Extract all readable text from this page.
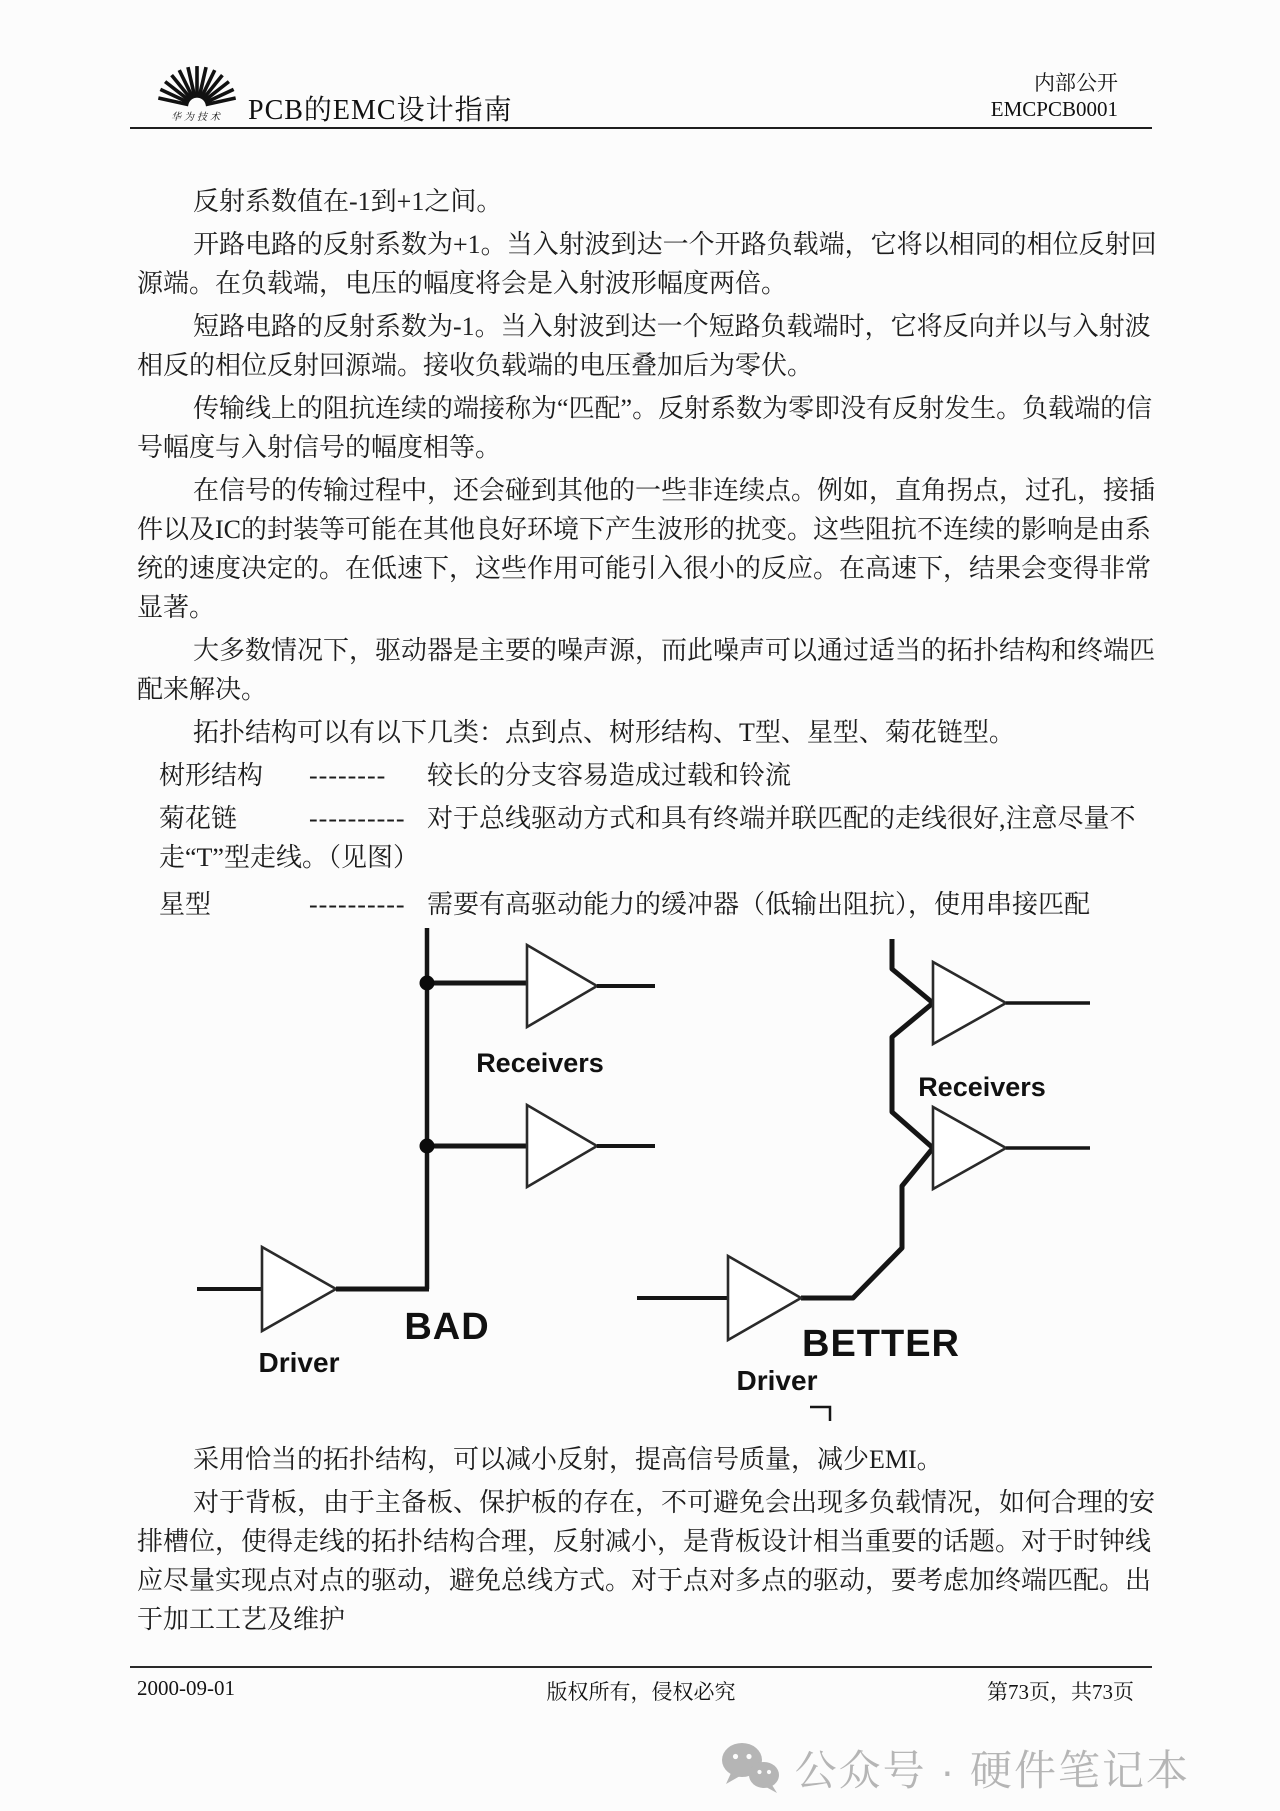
华为技术 PCB的EMC设计指南
内部公开
EMCPCB0001

反射系数值在-1到+1之间。

开路电路的反射系数为+1。当入射波到达一个开路负载端，它将以相同的相位反射回源端。在负载端，电压的幅度将会是入射波形幅度两倍。

短路电路的反射系数为-1。当入射波到达一个短路负载端时，它将反向并以与入射波相反的相位反射回源端。接收负载端的电压叠加后为零伏。

传输线上的阻抗连续的端接称为“匹配”。反射系数为零即没有反射发生。负载端的信号幅度与入射信号的幅度相等。

在信号的传输过程中，还会碰到其他的一些非连续点。例如，直角拐点，过孔，接插件以及IC的封装等可能在其他良好环境下产生波形的扰变。这些阻抗不连续的影响是由系统的速度决定的。在低速下，这些作用可能引入很小的反应。在高速下，结果会变得非常显著。

大多数情况下，驱动器是主要的噪声源，而此噪声可以通过适当的拓扑结构和终端匹配来解决。

拓扑结构可以有以下几类：点到点、树形结构、T型、星型、菊花链型。

树形结构 -------- 较长的分支容易造成过载和铃流

菊花链	---------- 对于总线驱动方式和具有终端并联匹配的走线很好,注意尽量不走“T”型走线。（见图）

星型	---------- 需要有高驱动能力的缓冲器（低输出阻抗），使用串接匹配

Receivers
BAD
Driver
Receivers
BETTER
Driver

采用恰当的拓扑结构，可以减小反射，提高信号质量，减少EMI。

对于背板，由于主备板、保护板的存在，不可避免会出现多负载情况，如何合理的安排槽位，使得走线的拓扑结构合理，反射减小，是背板设计相当重要的话题。对于时钟线应尽量实现点对点的驱动，避免总线方式。对于点对多点的驱动，要考虑加终端匹配。出于加工工艺及维护

2000-09-01	版权所有，侵权必究	第73页，共73页
公众号 · 硬件笔记本
